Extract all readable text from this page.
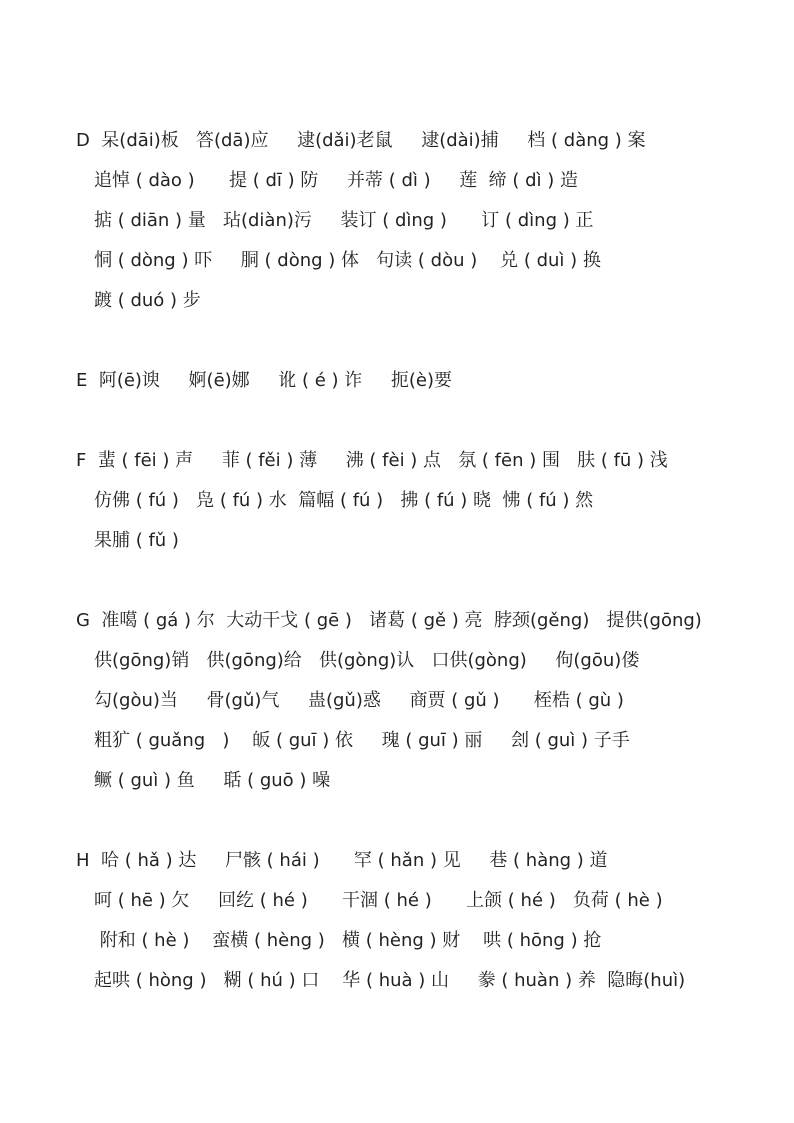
D  呆(dāi)板   答(dā)应     逮(dǎi)老鼠     逮(dài)捕     档 ( dàng ) 案
追悼 ( dào )      提 ( dī ) 防     并蒂 ( dì )     莲  缔 ( dì ) 造
掂 ( diān ) 量   玷(diàn)污     装订 ( dìng )      订 ( dìng ) 正
恫 ( dòng ) 吓     胴 ( dòng ) 体   句读 ( dòu )    兑 ( duì ) 换
踱 ( duó ) 步
E  阿(ē)谀     婀(ē)娜     讹 ( é ) 诈     扼(è)要
F  蜚 ( fēi ) 声     菲 ( fěi ) 薄     沸 ( fèi ) 点   氛 ( fēn ) 围   肤 ( fū ) 浅
仿佛 ( fú )   凫 ( fú ) 水  篇幅 ( fú )   拂 ( fú ) 晓  怫 ( fú ) 然
果脯 ( fǔ )
G  准噶 ( gá ) 尔  大动干戈 ( gē )   诸葛 ( gě ) 亮  脖颈(gěng)   提供(gōng)
供(gōng)销   供(gōng)给   供(gòng)认   口供(gòng)     佝(gōu)偻
勾(gòu)当     骨(gǔ)气     蛊(gǔ)惑     商贾 ( gǔ )      桎梏 ( gù )
粗犷 ( guǎng   )    皈 ( guī ) 依     瑰 ( guī ) 丽     刽 ( guì ) 子手
鳜 ( guì ) 鱼     聒 ( guō ) 噪
H  哈 ( hǎ ) 达     尸骸 ( hái )      罕 ( hǎn ) 见     巷 ( hàng ) 道
呵 ( hē ) 欠     回纥 ( hé )      干涸 ( hé )      上颌 ( hé )   负荷 ( hè )
附和 ( hè )    蛮横 ( hèng )   横 ( hèng ) 财    哄 ( hōng ) 抢
起哄 ( hòng )   糊 ( hú ) 口    华 ( huà ) 山     豢 ( huàn ) 养  隐晦(huì)
